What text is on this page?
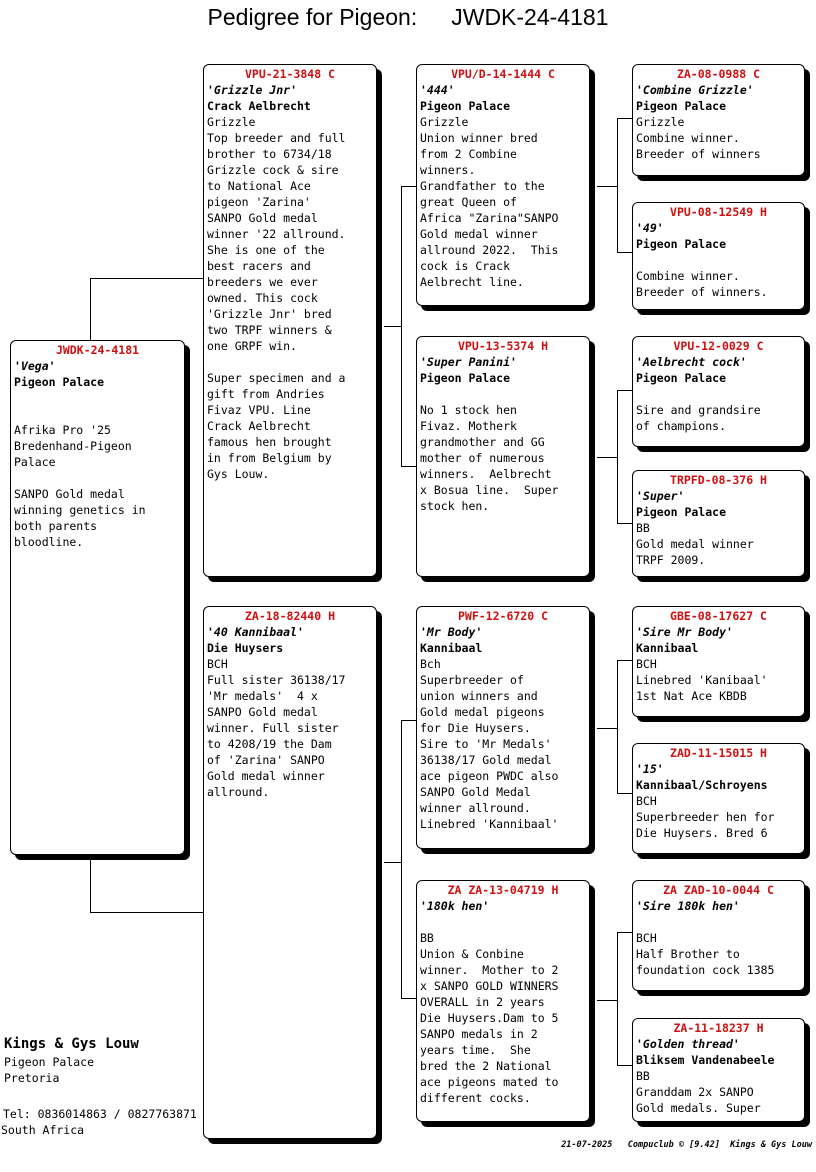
Pedigree for Pigeon: JWDK-24-4181
JWDK-24-4181
'Vega'
Pigeon Palace
Afrika Pro '25
Bredenhand-Pigeon
Palace
SANPO Gold medal
winning genetics in
both parents
bloodline.
VPU-21-3848 C
'Grizzle Jnr'
Crack Aelbrecht
Grizzle
Top breeder and full
brother to 6734/18
Grizzle cock & sire
to National Ace
pigeon 'Zarina'
SANPO Gold medal
winner '22 allround.
She is one of the
best racers and
breeders we ever
owned. This cock
'Grizzle Jnr' bred
two TRPF winners &
one GRPF win.
Super specimen and a
gift from Andries
Fivaz VPU. Line
Crack Aelbrecht
famous hen brought
in from Belgium by
Gys Louw.
ZA-18-82440 H
'40 Kannibaal'
Die Huysers
BCH
Full sister 36138/17
'Mr medals'  4 x
SANPO Gold medal
winner. Full sister
to 4208/19 the Dam
of 'Zarina' SANPO
Gold medal winner
allround.
VPU/D-14-1444 C
'444'
Pigeon Palace
Grizzle
Union winner bred
from 2 Combine
winners.
Grandfather to the
great Queen of
Africa "Zarina"SANPO
Gold medal winner
allround 2022.  This
cock is Crack
Aelbrecht line.
VPU-13-5374 H
'Super Panini'
Pigeon Palace
No 1 stock hen
Fivaz. Motherk
grandmother and GG
mother of numerous
winners.  Aelbrecht
x Bosua line.  Super
stock hen.
PWF-12-6720 C
'Mr Body'
Kannibaal
Bch
Superbreeder of
union winners and
Gold medal pigeons
for Die Huysers.
Sire to 'Mr Medals'
36138/17 Gold medal
ace pigeon PWDC also
SANPO Gold Medal
winner allround.
Linebred 'Kannibaal'
ZA ZA-13-04719 H
'180k hen'
BB
Union & Conbine
winner.  Mother to 2
x SANPO GOLD WINNERS
OVERALL in 2 years
Die Huysers.Dam to 5
SANPO medals in 2
years time.  She
bred the 2 National
ace pigeons mated to
different cocks.
ZA-08-0988 C
'Combine Grizzle'
Pigeon Palace
Grizzle
Combine winner.
Breeder of winners
VPU-08-12549 H
'49'
Pigeon Palace
Combine winner.
Breeder of winners.
VPU-12-0029 C
'Aelbrecht cock'
Pigeon Palace
Sire and grandsire
of champions.
TRPFD-08-376 H
'Super'
Pigeon Palace
BB
Gold medal winner
TRPF 2009.
GBE-08-17627 C
'Sire Mr Body'
Kannibaal
BCH
Linebred 'Kanibaal'
1st Nat Ace KBDB
ZAD-11-15015 H
'15'
Kannibaal/Schroyens
BCH
Superbreeder hen for
Die Huysers. Bred 6
ZA ZAD-10-0044 C
'Sire 180k hen'
BCH
Half Brother to
foundation cock 1385
ZA-11-18237 H
'Golden thread'
Bliksem Vandenabeele
BB
Granddam 2x SANPO
Gold medals. Super
Kings & Gys Louw
Pigeon Palace
Pretoria
Tel: 0836014863 / 0827763871
South Africa
21-07-2025 Compuclub © [9.42] Kings & Gys Louw
